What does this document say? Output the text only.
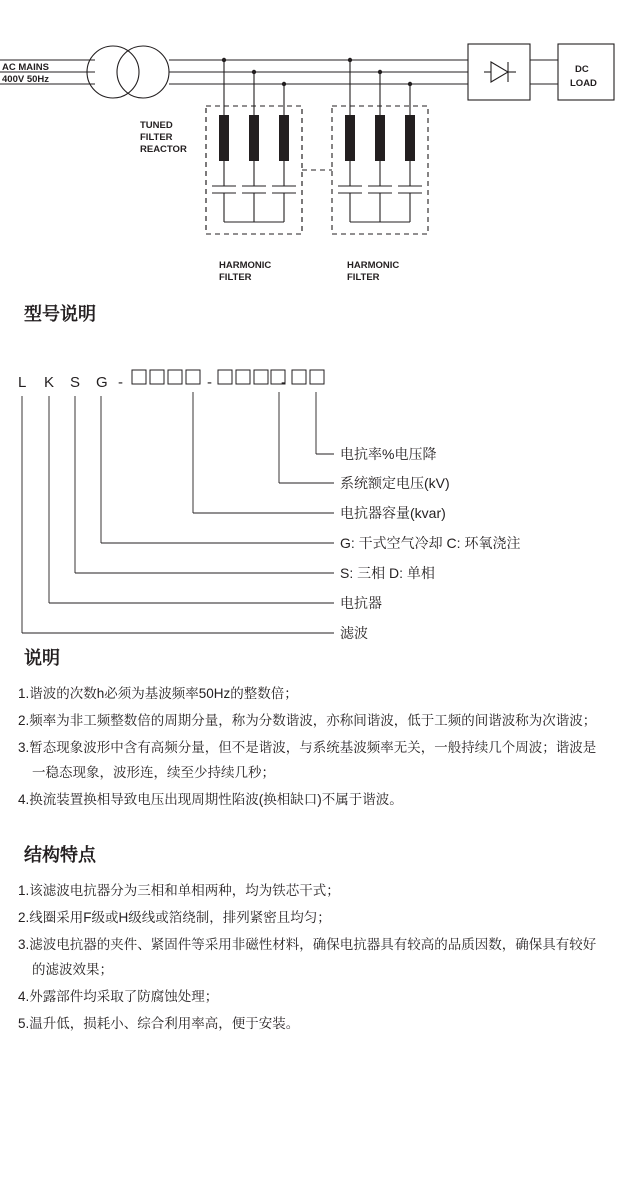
AC MAINS
400V 50Hz
TUNED
FILTER
REACTOR
HARMONIC
FILTER
HARMONIC
FILTER
DC
LOAD
型号说明
L K S G -	-	-
电抗率%电压降
系统额定电压(kV)
电抗器容量(kvar)
G: 干式空气冷却 C: 环氧浇注
S: 三相 D: 单相
电抗器
滤波
说明
1.谐波的次数h必须为基波频率50Hz的整数倍；
2.频率为非工频整数倍的周期分量，称为分数谐波，亦称间谐波，低于工频的间谐波称为次谐波；
3.暂态现象波形中含有高频分量，但不是谐波，与系统基波频率无关，一般持续几个周波；谐波是一稳态现象，波形连，续至少持续几秒；
4.换流装置换相导致电压出现周期性陷波(换相缺口)不属于谐波。
结构特点
1.该滤波电抗器分为三相和单相两种，均为铁芯干式；
2.线圈采用F级或H级线或箔绕制，排列紧密且均匀；
3.滤波电抗器的夹件、紧固件等采用非磁性材料，确保电抗器具有较高的品质因数，确保具有较好的滤波效果；
4.外露部件均采取了防腐蚀处理；
5.温升低，损耗小、综合利用率高，便于安装。
